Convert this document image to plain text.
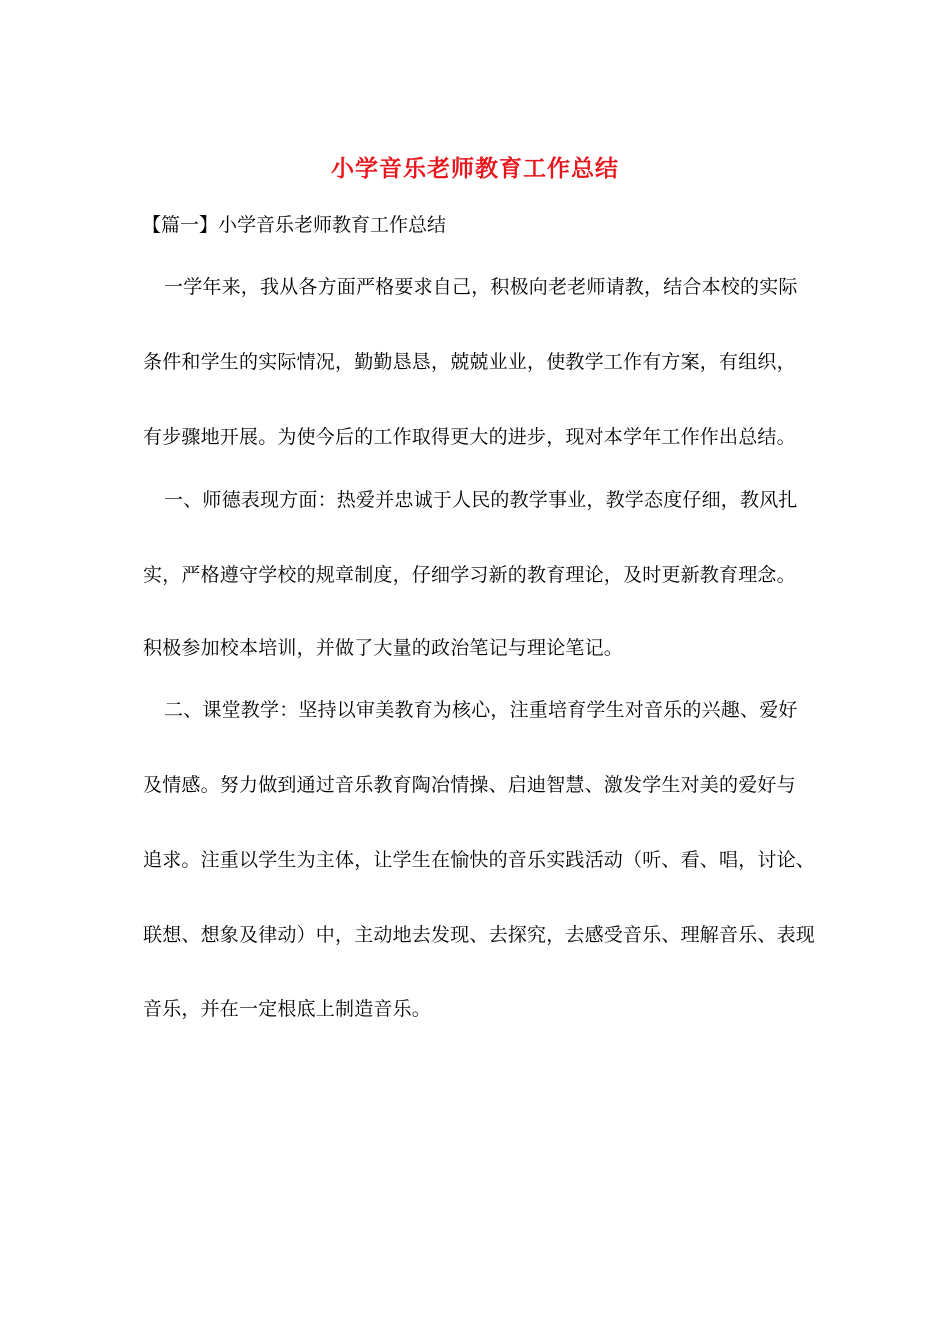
小学音乐老师教育工作总结

【篇一】小学音乐老师教育工作总结

一学年来，我从各方面严格要求自己，积极向老老师请教，结合本校的实际

条件和学生的实际情况，勤勤恳恳，兢兢业业，使教学工作有方案，有组织，

有步骤地开展。为使今后的工作取得更大的进步，现对本学年工作作出总结。

一、师德表现方面：热爱并忠诚于人民的教学事业，教学态度仔细，教风扎

实，严格遵守学校的规章制度，仔细学习新的教育理论，及时更新教育理念。

积极参加校本培训，并做了大量的政治笔记与理论笔记。

二、课堂教学：坚持以审美教育为核心，注重培育学生对音乐的兴趣、爱好

及情感。努力做到通过音乐教育陶冶情操、启迪智慧、激发学生对美的爱好与

追求。注重以学生为主体，让学生在愉快的音乐实践活动（听、看、唱，讨论、

联想、想象及律动）中，主动地去发现、去探究，去感受音乐、理解音乐、表现

音乐，并在一定根底上制造音乐。
